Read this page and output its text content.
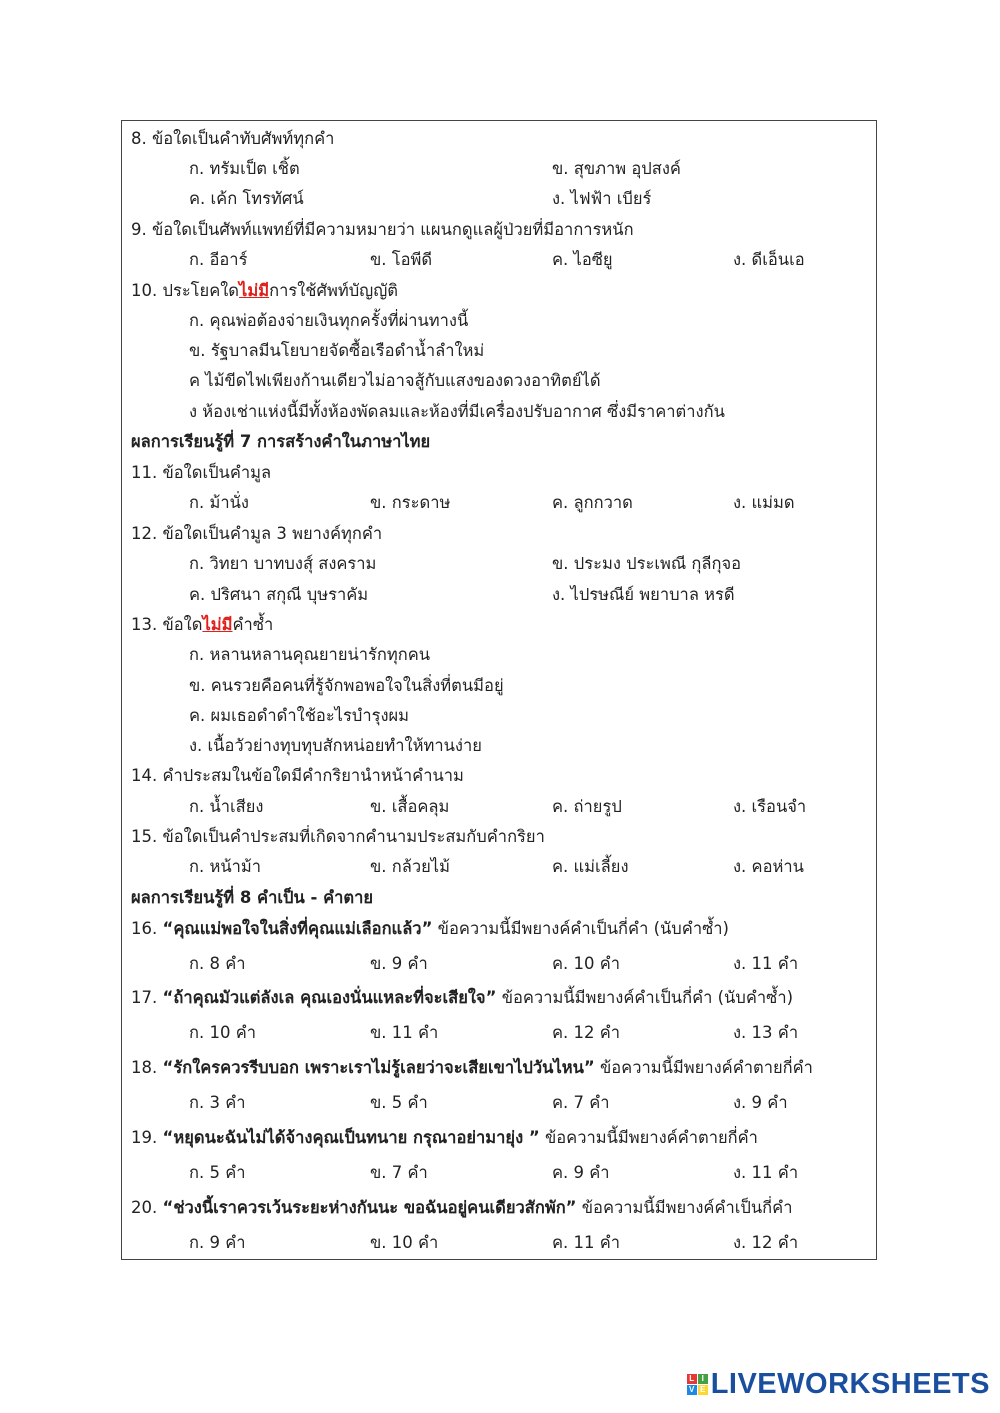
8. ข้อใดเป็นคำทับศัพท์ทุกคำ
ก. ทรัมเป็ต เชิ้ต	ข. สุขภาพ อุปสงค์
ค. เค้ก โทรทัศน์	ง. ไฟฟ้า เบียร์
9. ข้อใดเป็นศัพท์แพทย์ที่มีความหมายว่า แผนกดูแลผู้ป่วยที่มีอาการหนัก
ก. อีอาร์	ข. โอพีดี	ค. ไอซียู	ง. ดีเอ็นเอ
10. ประโยคใดไม่มีการใช้ศัพท์บัญญัติ
ก. คุณพ่อต้องจ่ายเงินทุกครั้งที่ผ่านทางนี้
ข. รัฐบาลมีนโยบายจัดซื้อเรือดำน้ำลำใหม่
ค ไม้ขีดไฟเพียงก้านเดียวไม่อาจสู้กับแสงของดวงอาทิตย์ได้
ง ห้องเช่าแห่งนี้มีทั้งห้องพัดลมและห้องที่มีเครื่องปรับอากาศ ซึ่งมีราคาต่างกัน
ผลการเรียนรู้ที่ 7 การสร้างคำในภาษาไทย
11. ข้อใดเป็นคำมูล
ก. ม้านั่ง	ข. กระดาษ	ค. ลูกกวาด	ง. แม่มด
12. ข้อใดเป็นคำมูล 3 พยางค์ทุกคำ
ก. วิทยา บาทบงสุ์ สงคราม	ข. ประมง ประเพณี กุลีกุจอ
ค. ปริศนา สกุณี บุษราคัม	ง. ไปรษณีย์ พยาบาล หรดี
13. ข้อใดไม่มีคำซ้ำ
ก. หลานหลานคุณยายน่ารักทุกคน
ข. คนรวยคือคนที่รู้จักพอพอใจในสิ่งที่ตนมีอยู่
ค. ผมเธอดำดำใช้อะไรบำรุงผม
ง. เนื้อวัวย่างทุบทุบสักหน่อยทำให้ทานง่าย
14. คำประสมในข้อใดมีคำกริยานำหน้าคำนาม
ก. น้ำเสียง	ข. เสื้อคลุม	ค. ถ่ายรูป	ง. เรือนจำ
15. ข้อใดเป็นคำประสมที่เกิดจากคำนามประสมกับคำกริยา
ก. หน้าม้า	ข. กล้วยไม้	ค. แม่เลี้ยง	ง. คอห่าน
ผลการเรียนรู้ที่ 8 คำเป็น - คำตาย
16. “คุณแม่พอใจในสิ่งที่คุณแม่เลือกแล้ว” ข้อความนี้มีพยางค์คำเป็นกี่คำ (นับคำซ้ำ)
ก. 8 คำ	ข. 9 คำ	ค. 10 คำ	ง. 11 คำ
17. “ถ้าคุณมัวแต่ลังเล คุณเองนั่นแหละที่จะเสียใจ” ข้อความนี้มีพยางค์คำเป็นกี่คำ (นับคำซ้ำ)
ก. 10 คำ	ข. 11 คำ	ค. 12 คำ	ง. 13 คำ
18. “รักใครควรรีบบอก เพราะเราไม่รู้เลยว่าจะเสียเขาไปวันไหน” ข้อความนี้มีพยางค์คำตายกี่คำ
ก. 3 คำ	ข. 5 คำ	ค. 7 คำ	ง. 9 คำ
19. “หยุดนะฉันไม่ได้จ้างคุณเป็นทนาย กรุณาอย่ามายุ่ง ” ข้อความนี้มีพยางค์คำตายกี่คำ
ก. 5 คำ	ข. 7 คำ	ค. 9 คำ	ง. 11 คำ
20. “ช่วงนี้เราควรเว้นระยะห่างกันนะ ขอฉันอยู่คนเดียวสักพัก” ข้อความนี้มีพยางค์คำเป็นกี่คำ
ก. 9 คำ	ข. 10 คำ	ค. 11 คำ	ง. 12 คำ
L I
V E LIVEWORKSHEETS
